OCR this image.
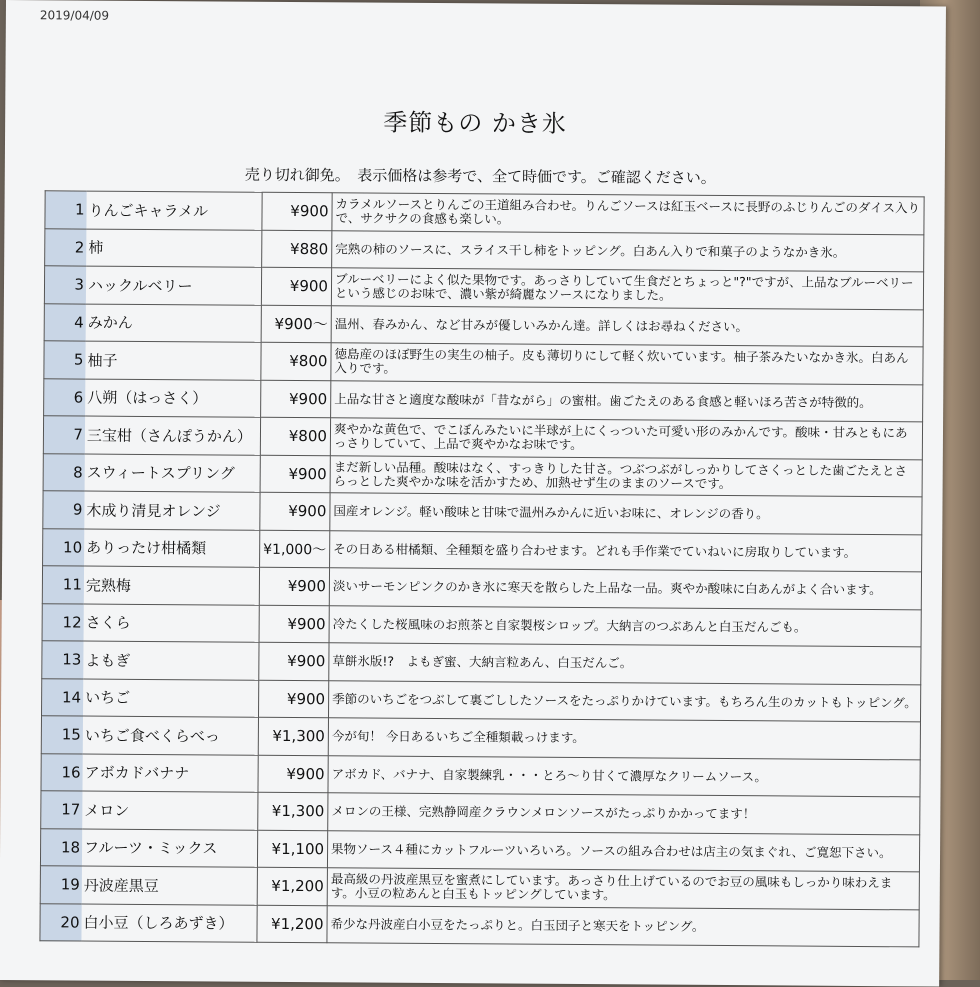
2019/04/09
季節もの かき氷
売り切れ御免。　表示価格は参考で、全て時価です。ご確認ください。
1	りんごキャラメル	¥900	カラメルソースとりんごの王道組み合わせ。りんごソースは紅玉ベースに長野のふじりんごのダイス入りで、サクサクの食感も楽しい。
2	柿	¥880	完熟の柿のソースに、スライス干し柿をトッピング。白あん入りで和菓子のようなかき氷。
3	ハックルベリー	¥900	ブルーベリーによく似た果物です。あっさりしていて生食だとちょっと"?"ですが、上品なブルーベリーという感じのお味で、濃い紫が綺麗なソースになりました。
4	みかん	¥900～	温州、春みかん、など甘みが優しいみかん達。詳しくはお尋ねください。
5	柚子	¥800	徳島産のほぼ野生の実生の柚子。皮も薄切りにして軽く炊いています。柚子茶みたいなかき氷。白あん入りです。
6	八朔（はっさく）	¥900	上品な甘さと適度な酸味が「昔ながら」の蜜柑。歯ごたえのある食感と軽いほろ苦さが特徴的。
7	三宝柑（さんぽうかん）	¥800	爽やかな黄色で、でこぼんみたいに半球が上にくっついた可愛い形のみかんです。酸味・甘みともにあっさりしていて、上品で爽やかなお味です。
8	スウィートスプリング	¥900	まだ新しい品種。酸味はなく、すっきりした甘さ。つぶつぶがしっかりしてさくっとした歯ごたえとさらっとした爽やかな味を活かすため、加熱せず生のままのソースです。
9	木成り清見オレンジ	¥900	国産オレンジ。軽い酸味と甘味で温州みかんに近いお味に、オレンジの香り。
10	ありったけ柑橘類	¥1,000～	その日ある柑橘類、全種類を盛り合わせます。どれも手作業でていねいに房取りしています。
11	完熟梅	¥900	淡いサーモンピンクのかき氷に寒天を散らした上品な一品。爽やか酸味に白あんがよく合います。
12	さくら	¥900	冷たくした桜風味のお煎茶と自家製桜シロップ。大納言のつぶあんと白玉だんごも。
13	よもぎ	¥900	草餅氷版!?　よもぎ蜜、大納言粒あん、白玉だんご。
14	いちご	¥900	季節のいちごをつぶして裏ごししたソースをたっぷりかけています。もちろん生のカットもトッピング。
15	いちご食べくらべっ	¥1,300	今が旬！ 今日あるいちご全種類載っけます。
16	アボカドバナナ	¥900	アボカド、バナナ、自家製練乳・・・とろ～り甘くて濃厚なクリームソース。
17	メロン	¥1,300	メロンの王様、完熟静岡産クラウンメロンソースがたっぷりかかってます！
18	フルーツ・ミックス	¥1,100	果物ソース４種にカットフルーツいろいろ。ソースの組み合わせは店主の気まぐれ、ご寛恕下さい。
19	丹波産黒豆	¥1,200	最高級の丹波産黒豆を蜜煮にしています。あっさり仕上げているのでお豆の風味もしっかり味わえます。小豆の粒あんと白玉もトッピングしています。
20	白小豆（しろあずき）	¥1,200	希少な丹波産白小豆をたっぷりと。白玉団子と寒天をトッピング。
